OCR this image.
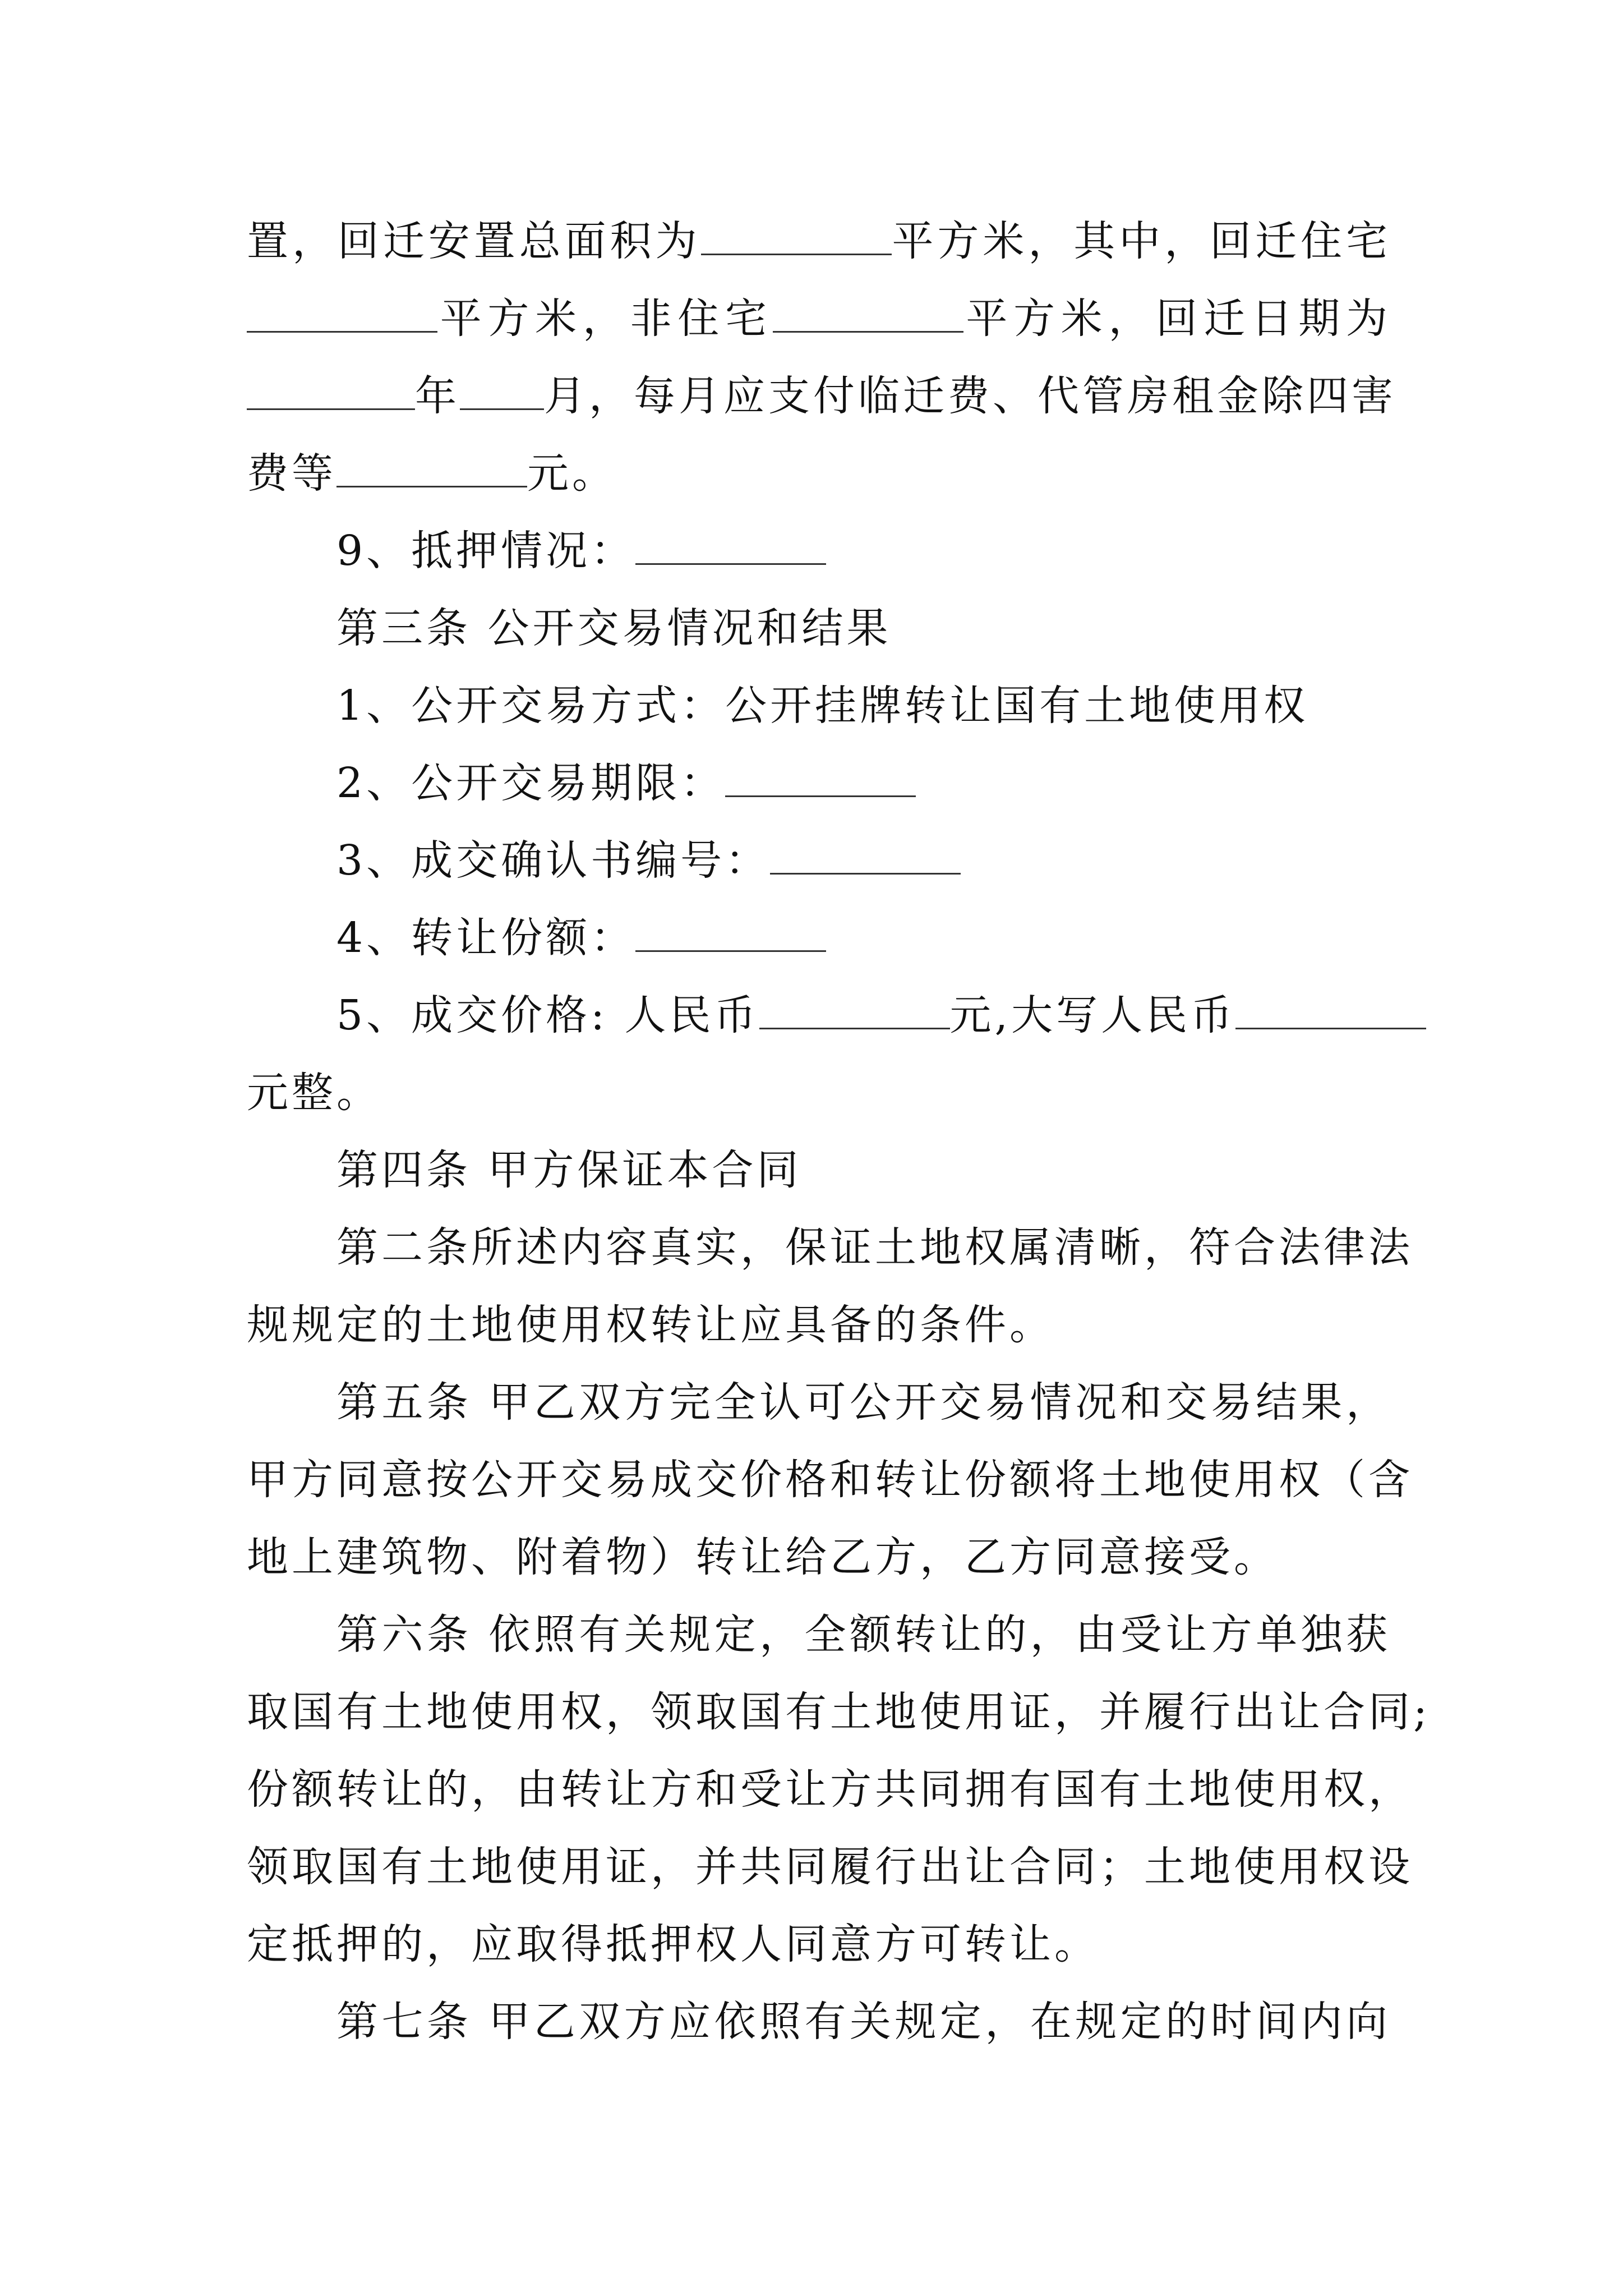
置，回迁安置总面积为	平方米，其中，回迁住宅
平方米，非住宅	平方米，回迁日期为
年 月，每月应支付临迁费、代管房租金除四害
费等	元。
9、抵押情况：
第三条 公开交易情况和结果
1、公开交易方式：公开挂牌转让国有土地使用权
2、公开交易期限：
3、成交确认书编号：
4、转让份额：
5、成交价格: 人民币	元,大写人民币
元整。
第四条 甲方保证本合同
第二条所述内容真实，保证土地权属清晰，符合法律法
规规定的土地使用权转让应具备的条件。
第五条 甲乙双方完全认可公开交易情况和交易结果，
甲方同意按公开交易成交价格和转让份额将土地使用权（含
地上建筑物、附着物）转让给乙方，乙方同意接受。
第六条 依照有关规定，全额转让的，由受让方单独获
取国有土地使用权，领取国有土地使用证，并履行出让合同;
份额转让的，由转让方和受让方共同拥有国有土地使用权，
领取国有土地使用证，并共同履行出让合同；土地使用权设
定抵押的，应取得抵押权人同意方可转让。
第七条 甲乙双方应依照有关规定，在规定的时间内向
